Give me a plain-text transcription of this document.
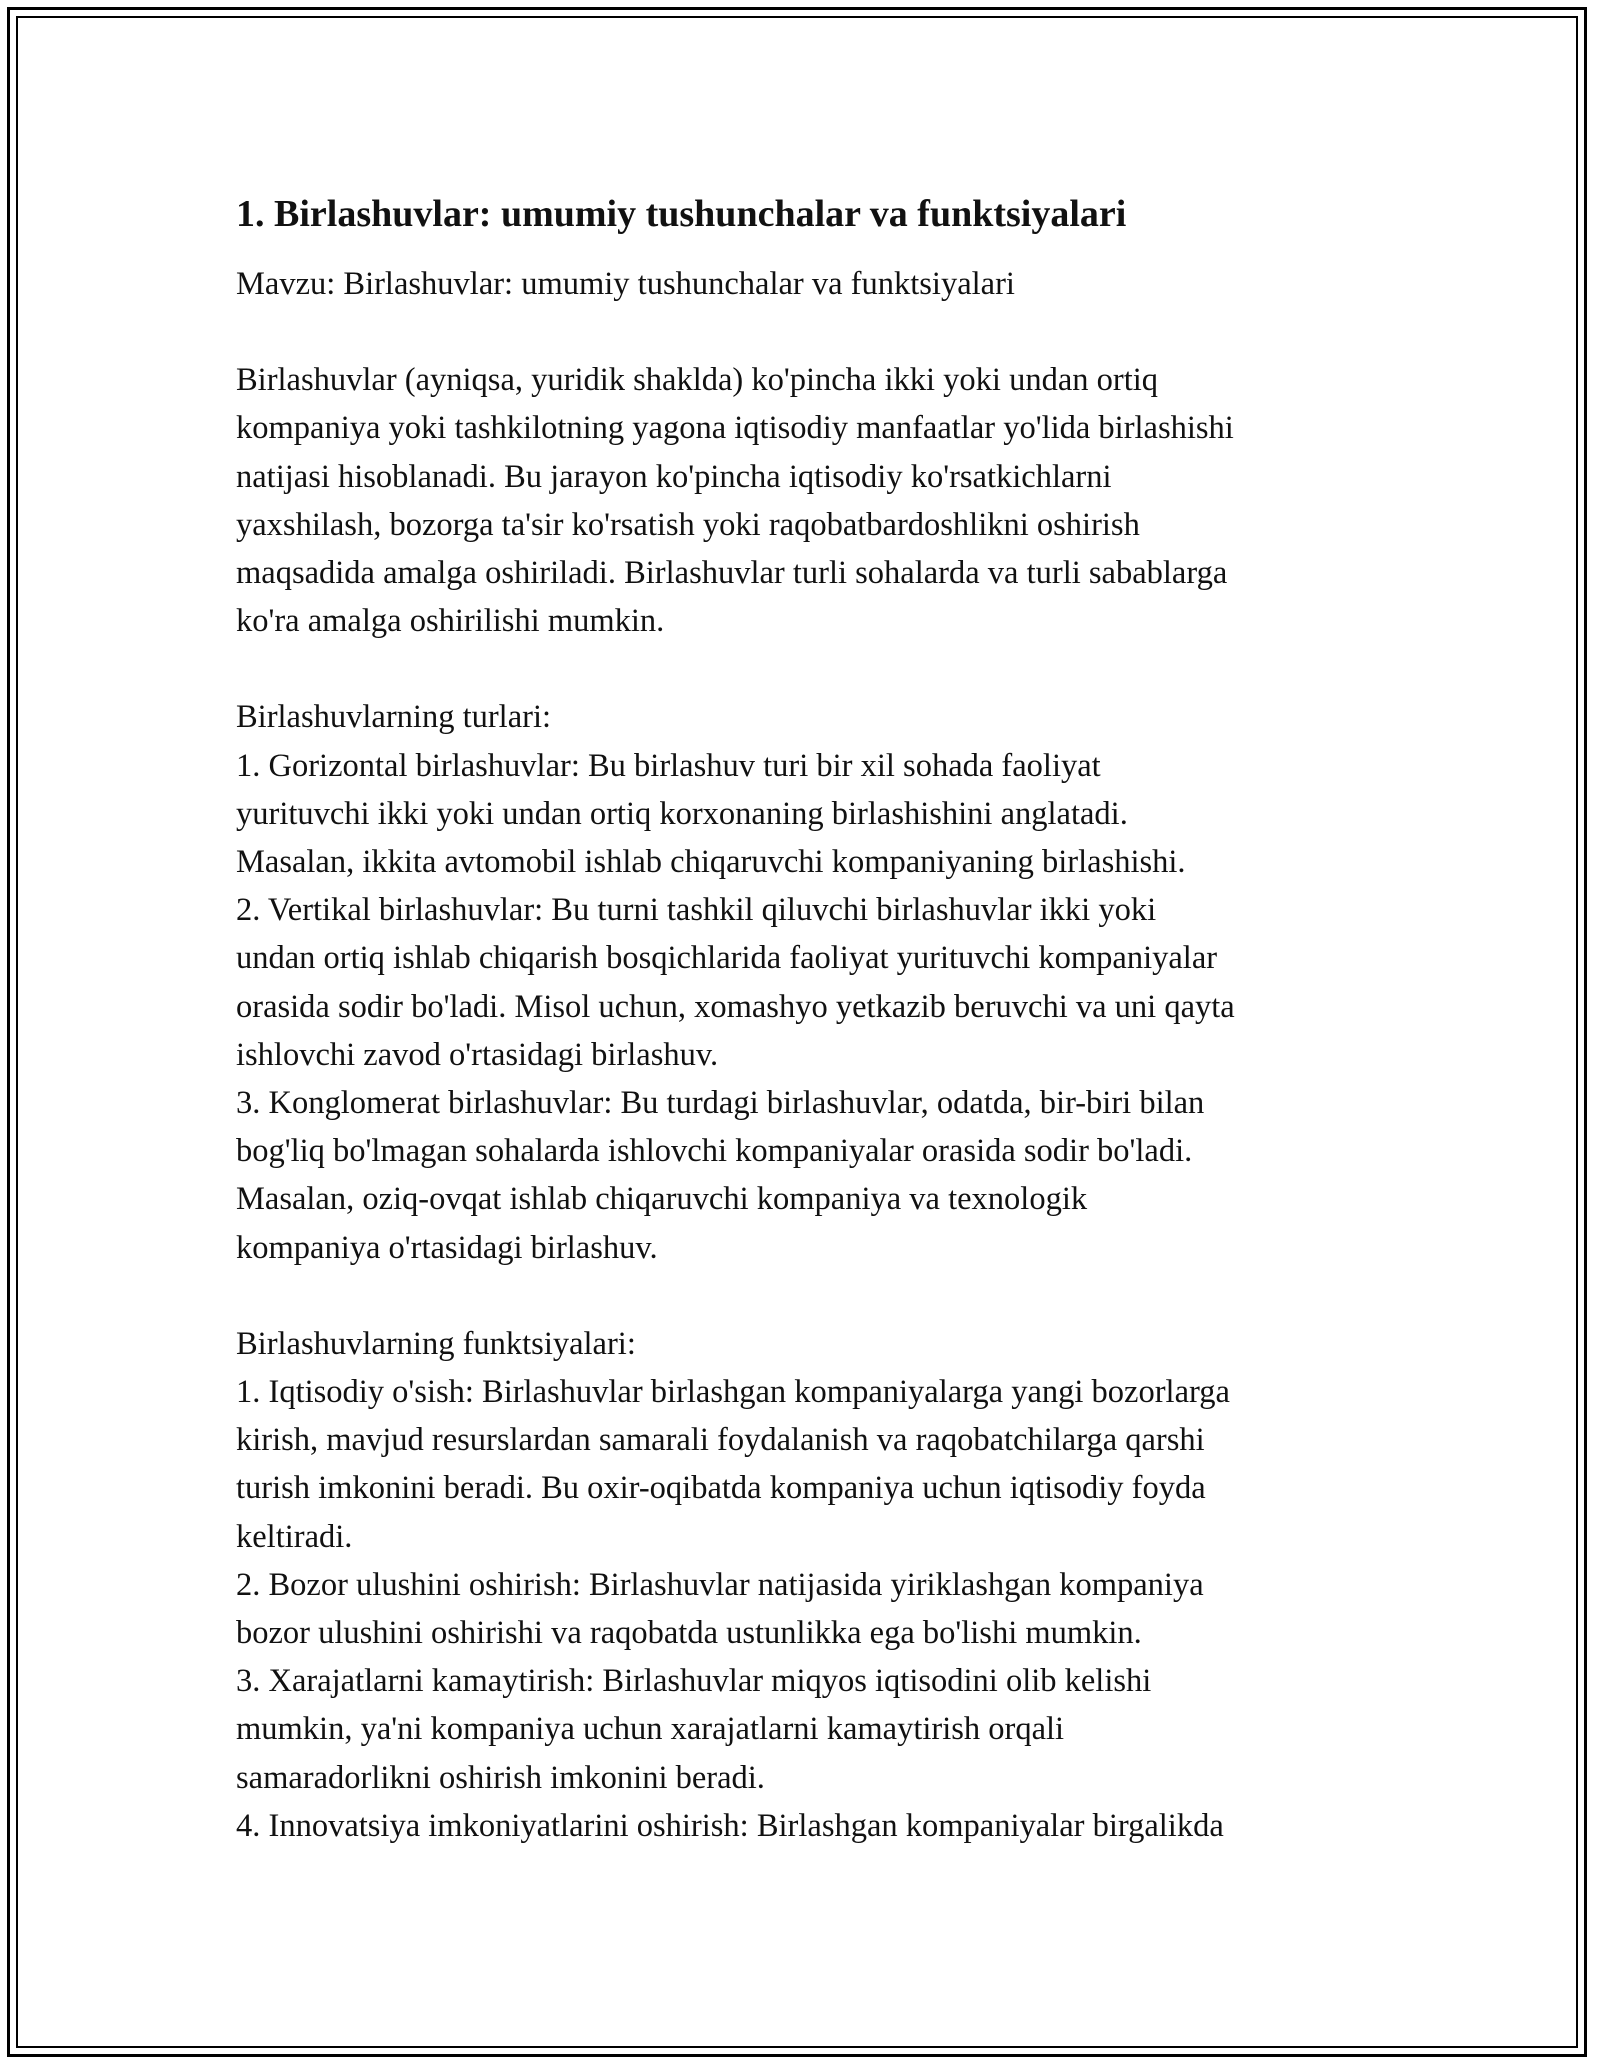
1. Birlashuvlar: umumiy tushunchalar va funktsiyalari

Mavzu: Birlashuvlar: umumiy tushunchalar va funktsiyalari

Birlashuvlar (ayniqsa, yuridik shaklda) ko'pincha ikki yoki undan ortiq
kompaniya yoki tashkilotning yagona iqtisodiy manfaatlar yo'lida birlashishi
natijasi hisoblanadi. Bu jarayon ko'pincha iqtisodiy ko'rsatkichlarni
yaxshilash, bozorga ta'sir ko'rsatish yoki raqobatbardoshlikni oshirish
maqsadida amalga oshiriladi. Birlashuvlar turli sohalarda va turli sabablarga
ko'ra amalga oshirilishi mumkin.

Birlashuvlarning turlari:

1. Gorizontal birlashuvlar: Bu birlashuv turi bir xil sohada faoliyat
yurituvchi ikki yoki undan ortiq korxonaning birlashishini anglatadi.
Masalan, ikkita avtomobil ishlab chiqaruvchi kompaniyaning birlashishi.

2. Vertikal birlashuvlar: Bu turni tashkil qiluvchi birlashuvlar ikki yoki
undan ortiq ishlab chiqarish bosqichlarida faoliyat yurituvchi kompaniyalar
orasida sodir bo'ladi. Misol uchun, xomashyo yetkazib beruvchi va uni qayta
ishlovchi zavod o'rtasidagi birlashuv.

3. Konglomerat birlashuvlar: Bu turdagi birlashuvlar, odatda, bir-biri bilan
bog'liq bo'lmagan sohalarda ishlovchi kompaniyalar orasida sodir bo'ladi.
Masalan, oziq-ovqat ishlab chiqaruvchi kompaniya va texnologik
kompaniya o'rtasidagi birlashuv.

Birlashuvlarning funktsiyalari:

1. Iqtisodiy o'sish: Birlashuvlar birlashgan kompaniyalarga yangi bozorlarga
kirish, mavjud resurslardan samarali foydalanish va raqobatchilarga qarshi
turish imkonini beradi. Bu oxir-oqibatda kompaniya uchun iqtisodiy foyda
keltiradi.

2. Bozor ulushini oshirish: Birlashuvlar natijasida yiriklashgan kompaniya
bozor ulushini oshirishi va raqobatda ustunlikka ega bo'lishi mumkin.

3. Xarajatlarni kamaytirish: Birlashuvlar miqyos iqtisodini olib kelishi
mumkin, ya'ni kompaniya uchun xarajatlarni kamaytirish orqali
samaradorlikni oshirish imkonini beradi.

4. Innovatsiya imkoniyatlarini oshirish: Birlashgan kompaniyalar birgalikda
